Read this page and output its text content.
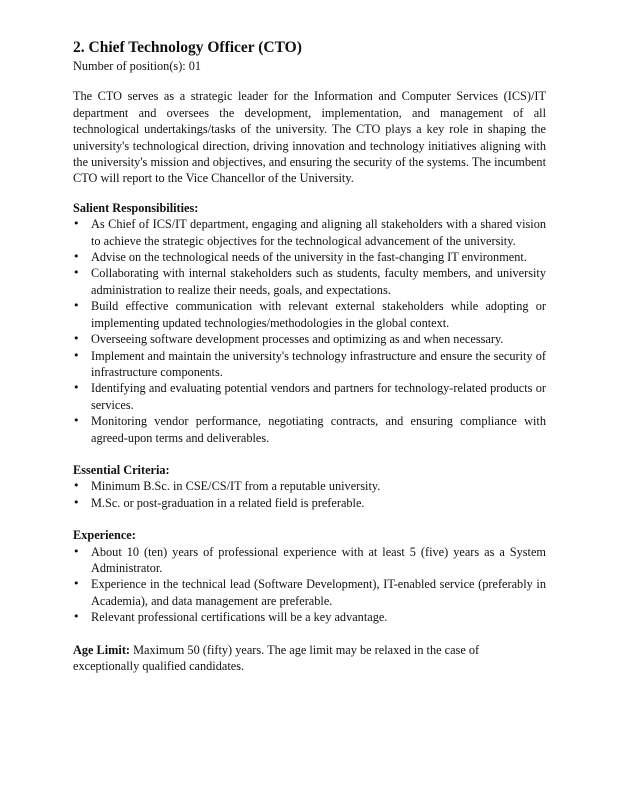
2. Chief Technology Officer (CTO)

Number of position(s): 01

The CTO serves as a strategic leader for the Information and Computer Services (ICS)/IT department and oversees the development, implementation, and management of all technological undertakings/tasks of the university. The CTO plays a key role in shaping the university's technological direction, driving innovation and technology initiatives aligning with the university's mission and objectives, and ensuring the security of the systems. The incumbent CTO will report to the Vice Chancellor of the University.

Salient Responsibilities:

• As Chief of ICS/IT department, engaging and aligning all stakeholders with a shared vision to achieve the strategic objectives for the technological advancement of the university.
• Advise on the technological needs of the university in the fast-changing IT environment.
• Collaborating with internal stakeholders such as students, faculty members, and university administration to realize their needs, goals, and expectations.
• Build effective communication with relevant external stakeholders while adopting or implementing updated technologies/methodologies in the global context.
• Overseeing software development processes and optimizing as and when necessary.
• Implement and maintain the university's technology infrastructure and ensure the security of infrastructure components.
• Identifying and evaluating potential vendors and partners for technology-related products or services.
• Monitoring vendor performance, negotiating contracts, and ensuring compliance with agreed-upon terms and deliverables.

Essential Criteria:

• Minimum B.Sc. in CSE/CS/IT from a reputable university.
• M.Sc. or post-graduation in a related field is preferable.

Experience:

• About 10 (ten) years of professional experience with at least 5 (five) years as a System Administrator.
• Experience in the technical lead (Software Development), IT-enabled service (preferably in Academia), and data management are preferable.
• Relevant professional certifications will be a key advantage.

Age Limit: Maximum 50 (fifty) years. The age limit may be relaxed in the case of exceptionally qualified candidates.
